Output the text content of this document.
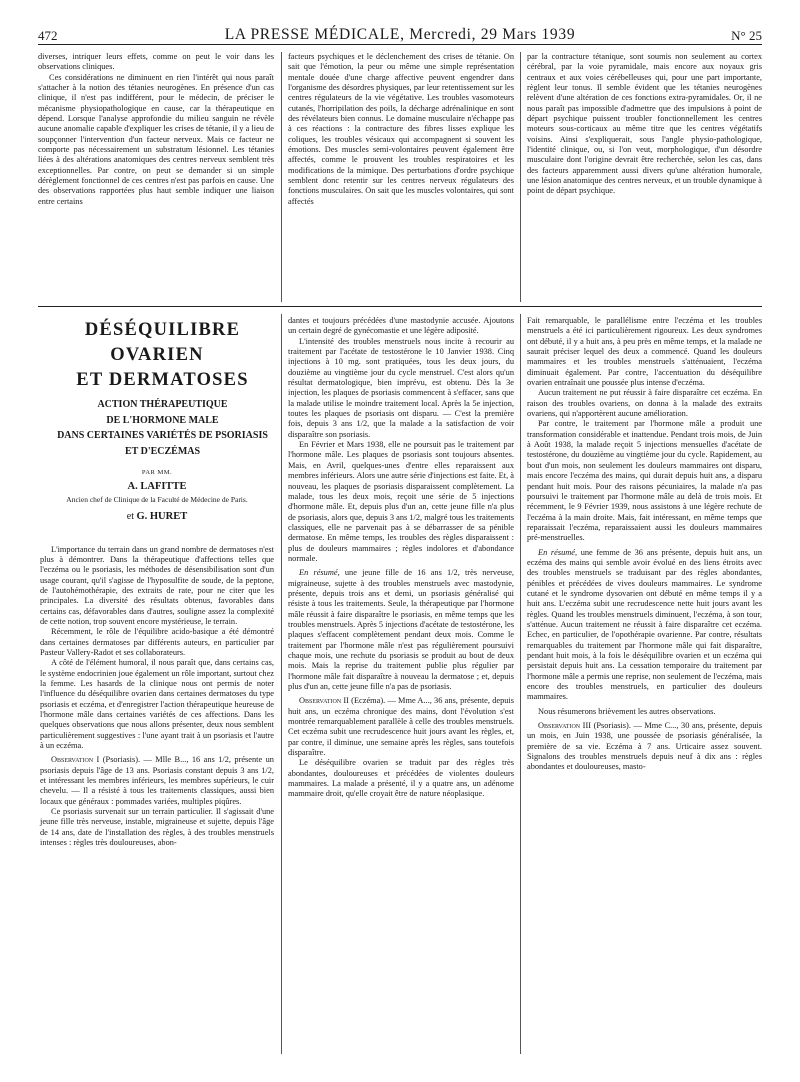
472	LA PRESSE MÉDICALE, Mercredi, 29 Mars 1939	N° 25

diverses, intriquer leurs effets, comme on peut le voir dans les observations cliniques.

Ces considérations ne diminuent en rien l'intérêt qui nous paraît s'attacher à la notion des tétanies neurogènes. En présence d'un cas clinique, il n'est pas indifférent, pour le médecin, de préciser le mécanisme physiopathologique en cause, car la thérapeutique en dépend. Lorsque l'analyse approfondie du milieu sanguin ne révèle aucune anomalie capable d'expliquer les crises de tétanie, il y a lieu de soupçonner l'intervention d'un facteur nerveux. Mais ce facteur ne comporte pas nécessairement un substratum lésionnel. Les tétanies liées à des altérations anatomiques des centres nerveux semblent très exceptionnelles. Par contre, on peut se demander si un simple dérèglement fonctionnel de ces centres n'est pas parfois en cause. Une des observations rapportées plus haut semble indiquer une liaison entre certains

facteurs psychiques et le déclenchement des crises de tétanie. On sait que l'émotion, la peur ou même une simple représentation mentale douée d'une charge affective peuvent engendrer dans l'organisme des désordres physiques, par leur retentissement sur les centres régulateurs de la vie végétative. Les troubles vasomoteurs cutanés, l'horripilation des poils, la décharge adrénalinique en sont des révélateurs bien connus. Le domaine musculaire n'échappe pas à ces réactions : la contracture des fibres lisses explique les coliques, les troubles vésicaux qui accompagnent si souvent les émotions. Des muscles semi-volontaires peuvent également être affectés, comme le prouvent les troubles respiratoires et les modifications de la mimique. Des perturbations d'ordre psychique semblent donc retentir sur les centres nerveux régulateurs des fonctions musculaires. On sait que les muscles volontaires, qui sont affectés

par la contracture tétanique, sont soumis non seulement au cortex cérébral, par la voie pyramidale, mais encore aux noyaux gris centraux et aux voies cérébelleuses qui, pour une part importante, règlent leur tonus. Il semble évident que les tétanies neurogènes relèvent d'une altération de ces fonctions extra-pyramidales. Or, il ne nous paraît pas impossible d'admettre que des impulsions à point de départ psychique puissent troubler fonctionnellement les centres moteurs sous-corticaux au même titre que les centres végétatifs voisins. Ainsi s'expliquerait, sous l'angle physio-pathologique, l'identité clinique, ou, si l'on veut, morphologique, d'un désordre musculaire dont l'origine devrait être recherchée, selon les cas, dans des facteurs apparemment aussi divers qu'une altération humorale, une lésion anatomique des centres nerveux, et un trouble dynamique à point de départ psychique.

DÉSÉQUILIBRE OVARIEN

ET DERMATOSES

ACTION THÉRAPEUTIQUE

DE L'HORMONE MALE

DANS CERTAINES VARIÉTÉS DE PSORIASIS

ET D'ECZÉMAS

PAR MM.
A. LAFITTE
Ancien chef de Clinique de la Faculté de Médecine de Paris.
et G. HURET

L'importance du terrain dans un grand nombre de dermatoses n'est plus à démontrer. Dans la thérapeutique d'affections telles que l'eczéma ou le psoriasis, les méthodes de désensibilisation sont d'un usage courant, qu'il s'agisse de l'hyposulfite de soude, de la peptone, de l'autohémothérapie, des extraits de rate, pour ne citer que les principales. La diversité des résultats obtenus, favorables dans certains cas, défavorables dans d'autres, souligne assez la complexité de cette notion, trop souvent encore mystérieuse, le terrain.

Récemment, le rôle de l'équilibre acido-basique a été démontré dans certaines dermatoses par différents auteurs, en particulier par Pasteur Vallery-Radot et ses collaborateurs.

A côté de l'élément humoral, il nous paraît que, dans certains cas, le système endocrinien joue également un rôle important, surtout chez la femme. Les hasards de la clinique nous ont permis de noter l'influence du déséquilibre ovarien dans certaines dermatoses du type psoriasis et eczéma, et d'enregistrer l'action thérapeutique heureuse de l'hormone mâle dans certaines variétés de ces affections. Dans les quelques observations que nous allons présenter, deux nous semblent particulièrement suggestives : l'une ayant trait à un psoriasis et l'autre à un eczéma.

Observation I (Psoriasis). — Mlle B..., 16 ans 1/2, présente un psoriasis depuis l'âge de 13 ans. Psoriasis constant depuis 3 ans 1/2, et intéressant les membres inférieurs, les membres supérieurs, le cuir chevelu. — Il a résisté à tous les traitements classiques, aussi bien locaux que généraux : pommades variées, multiples piqûres.

Ce psoriasis survenait sur un terrain particulier. Il s'agissait d'une jeune fille très nerveuse, instable, migraineuse et sujette, depuis l'âge de 14 ans, date de l'installation des règles, à des troubles menstruels intenses : règles très douloureuses, abon-

dantes et toujours précédées d'une mastodynie accusée. Ajoutons un certain degré de gynécomastie et une légère adiposité.

L'intensité des troubles menstruels nous incite à recourir au traitement par l'acétate de testostérone le 10 Janvier 1938. Cinq injections à 10 mg. sont pratiquées, tous les deux jours, du douzième au vingtième jour du cycle menstruel. C'est alors qu'un résultat dermatologique, bien imprévu, est obtenu. Dès la 3e injection, les plaques de psoriasis commencent à s'effacer, sans que la malade utilise le moindre traitement local. Après la 5e injection, toutes les plaques de psoriasis ont disparu. — C'est la première fois, depuis 3 ans 1/2, que la malade a la satisfaction de voir disparaître son psoriasis.

En Février et Mars 1938, elle ne poursuit pas le traitement par l'hormone mâle. Les plaques de psoriasis sont toujours absentes. Mais, en Avril, quelques-unes d'entre elles reparaissent aux membres inférieurs. Alors une autre série d'injections est faite. Et, à nouveau, les plaques de psoriasis disparaissent complètement. La malade, tous les deux mois, reçoit une série de 5 injections d'hormone mâle. Et, depuis plus d'un an, cette jeune fille n'a plus de psoriasis, alors que, depuis 3 ans 1/2, malgré tous les traitements classiques, elle ne parvenait pas à se débarrasser de sa pénible dermatose. En même temps, les troubles des règles disparaissent : plus de douleurs mammaires ; règles indolores et d'abondance normale.

En résumé, une jeune fille de 16 ans 1/2, très nerveuse, migraineuse, sujette à des troubles menstruels avec mastodynie, présente, depuis trois ans et demi, un psoriasis généralisé qui résiste à tous les traitements. Seule, la thérapeutique par l'hormone mâle réussit à faire disparaître le psoriasis, en même temps que les troubles menstruels. Après 5 injections d'acétate de testostérone, les plaques s'effacent complètement pendant deux mois. Comme le traitement par l'hormone mâle n'est pas régulièrement poursuivi chaque mois, une rechute du psoriasis se produit au bout de deux mois. Mais la reprise du traitement publie plus régulier par l'hormone mâle fait disparaître à nouveau la dermatose ; et, depuis plus d'un an, cette jeune fille n'a pas de psoriasis.

Observation II (Eczéma). — Mme A..., 36 ans, présente, depuis huit ans, un eczéma chronique des mains, dont l'évolution s'est montrée remarquablement parallèle à celle des troubles menstruels. Cet eczéma subit une recrudescence huit jours avant les règles, et, par contre, il diminue, une semaine après les règles, sans toutefois disparaître.

Le déséquilibre ovarien se traduit par des règles très abondantes, douloureuses et précédées de violentes douleurs mammaires. La malade a présenté, il y a quatre ans, un adénome mammaire droit, qu'elle croyait être de nature néoplasique.

Fait remarquable, le parallélisme entre l'eczéma et les troubles menstruels a été ici particulièrement rigoureux. Les deux syndromes ont débuté, il y a huit ans, à peu près en même temps, et la malade ne saurait préciser lequel des deux a commencé. Quand les douleurs mammaires et les troubles menstruels s'atténuaient, l'eczéma diminuait également. Par contre, l'accentuation du déséquilibre ovarien entraînait une poussée plus intense d'eczéma.

Aucun traitement ne put réussir à faire disparaître cet eczéma. En raison des troubles ovariens, on donna à la malade des extraits ovariens, qui n'apportèrent aucune amélioration.

Par contre, le traitement par l'hormone mâle a produit une transformation considérable et inattendue. Pendant trois mois, de Juin à Août 1938, la malade reçoit 5 injections mensuelles d'acétate de testostérone, du douzième au vingtième jour du cycle. Rapidement, au bout d'un mois, non seulement les douleurs mammaires ont disparu, mais encore l'eczéma des mains, qui durait depuis huit ans, a disparu pendant huit mois. Pour des raisons pécuniaires, la malade n'a pas poursuivi le traitement par l'hormone mâle au delà de trois mois. Et récemment, le 9 Février 1939, nous assistons à une légère rechute de l'eczéma à la main droite. Mais, fait intéressant, en même temps que reparaissait l'eczéma, reparaissaient aussi les douleurs mammaires pré-menstruelles.

En résumé, une femme de 36 ans présente, depuis huit ans, un eczéma des mains qui semble avoir évolué en des liens étroits avec des troubles menstruels se traduisant par des règles abondantes, pénibles et précédées de vives douleurs mammaires. Le syndrome cutané et le syndrome dysovarien ont débuté en même temps il y a huit ans. L'eczéma subit une recrudescence nette huit jours avant les règles. Quand les troubles menstruels diminuent, l'eczéma, à son tour, s'atténue. Aucun traitement ne réussit à faire disparaître cet eczéma. Echec, en particulier, de l'opothérapie ovarienne. Par contre, résultats remarquables du traitement par l'hormone mâle qui fait disparaître, pendant huit mois, à la fois le déséquilibre ovarien et un eczéma qui persistait depuis huit ans. La cessation temporaire du traitement par l'hormone mâle a permis une reprise, non seulement de l'eczéma, mais encore des troubles menstruels, en particulier des douleurs mammaires.

Nous résumerons brièvement les autres observations.

Observation III (Psoriasis). — Mme C..., 30 ans, présente, depuis un mois, en Juin 1938, une poussée de psoriasis généralisée, la première de sa vie. Eczéma à 7 ans. Urticaire assez souvent. Signalons des troubles menstruels depuis neuf à dix ans : règles abondantes et douloureuses, masto-
